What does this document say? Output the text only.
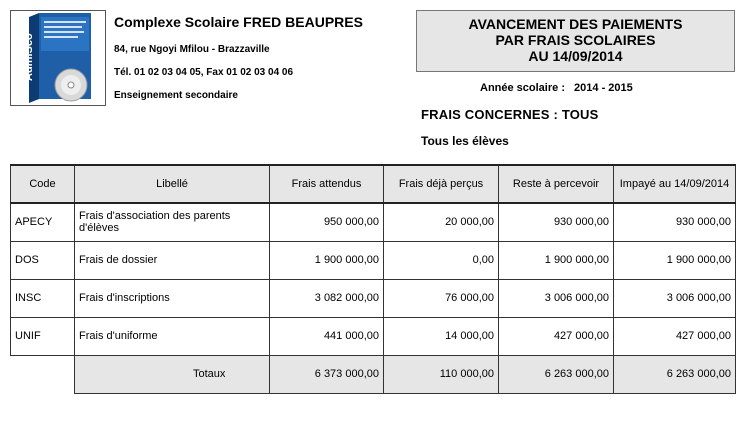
AdmiSco
Complexe Scolaire FRED BEAUPRES
84, rue Ngoyi Mfilou - Brazzaville
Tél. 01 02 03 04 05, Fax 01 02 03 04 06
Enseignement secondaire
AVANCEMENT DES PAIEMENTS
PAR FRAIS SCOLAIRES
AU 14/09/2014
Année scolaire : 2014 - 2015
FRAIS CONCERNES : TOUS
Tous les élèves
Code	Libellé	Frais attendus	Frais déjà perçus	Reste à percevoir	Impayé au 14/09/2014
APECY	Frais d'association des parents d'élèves	950 000,00	20 000,00	930 000,00	930 000,00
DOS	Frais de dossier	1 900 000,00	0,00	1 900 000,00	1 900 000,00
INSC	Frais d'inscriptions	3 082 000,00	76 000,00	3 006 000,00	3 006 000,00
UNIF	Frais d'uniforme	441 000,00	14 000,00	427 000,00	427 000,00
	Totaux	6 373 000,00	110 000,00	6 263 000,00	6 263 000,00
